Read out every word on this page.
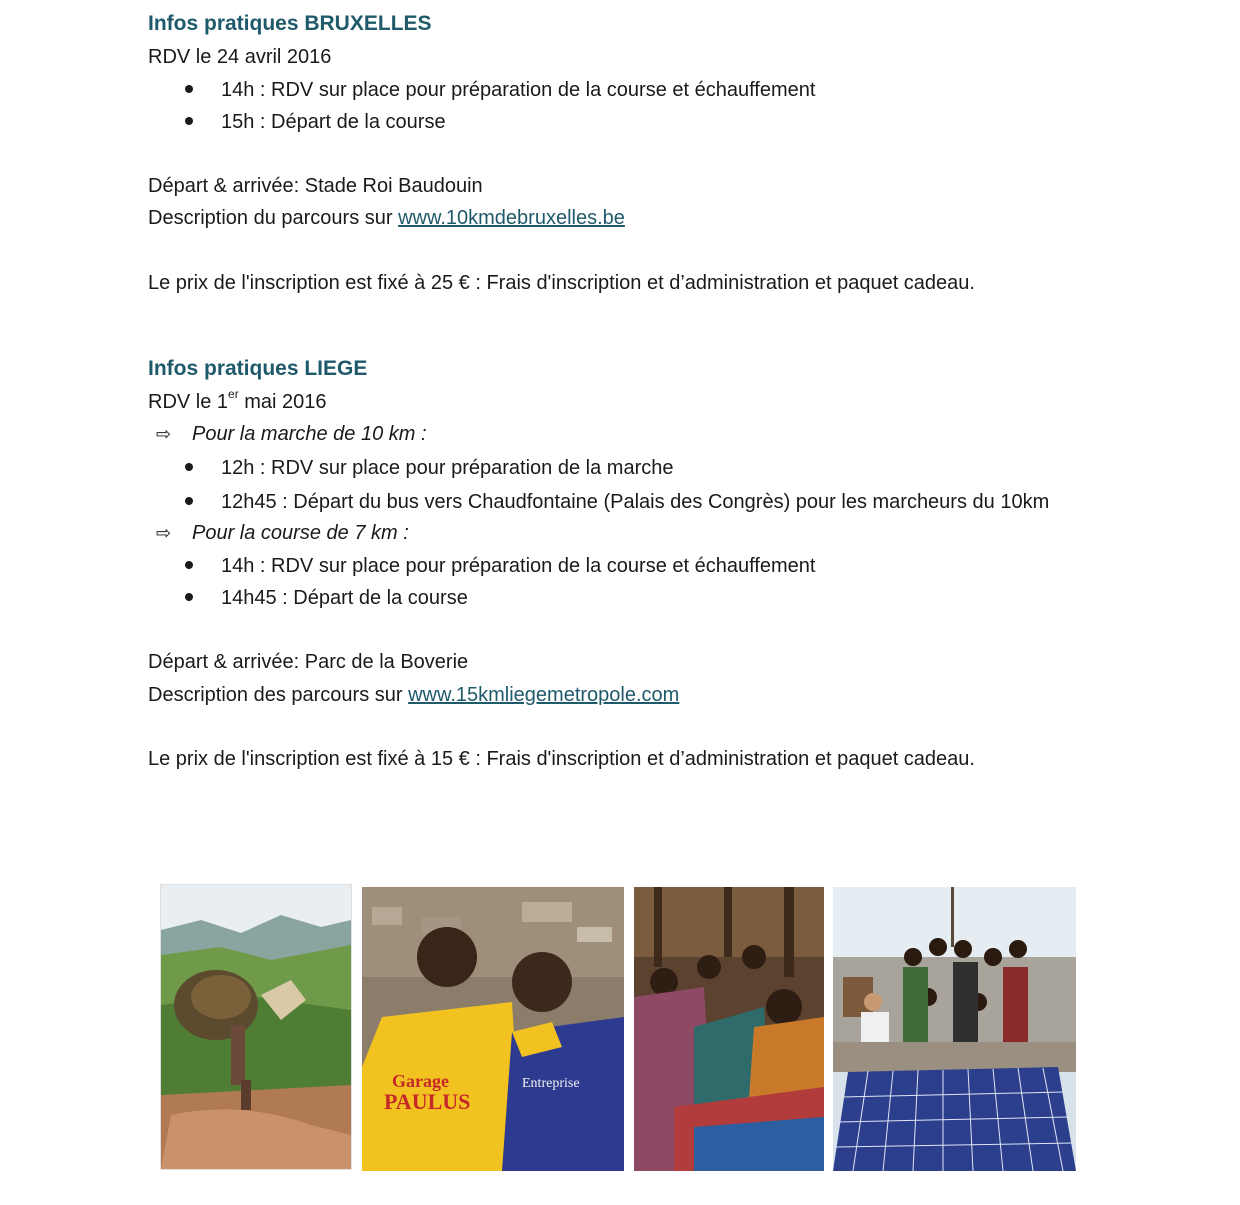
Infos pratiques BRUXELLES
RDV le 24 avril 2016
14h : RDV sur place pour préparation de la course et échauffement
15h : Départ de la course
Départ & arrivée: Stade Roi Baudouin
Description du parcours sur www.10kmdebruxelles.be
Le prix de l'inscription est fixé à 25 € : Frais d'inscription et d’administration et paquet cadeau.
Infos pratiques LIEGE
RDV le 1er mai 2016
⇨ Pour la marche de 10 km :
12h : RDV sur place pour préparation de la marche
12h45 : Départ du bus vers Chaudfontaine (Palais des Congrès) pour les marcheurs du 10km
⇨ Pour la course de 7 km :
14h : RDV sur place pour préparation de la course et échauffement
14h45 : Départ de la course
Départ & arrivée: Parc de la Boverie
Description des parcours sur www.15kmliegemetropole.com
Le prix de l'inscription est fixé à 15 € : Frais d'inscription et d’administration et paquet cadeau.
Garage
PAULUS
Entreprise
